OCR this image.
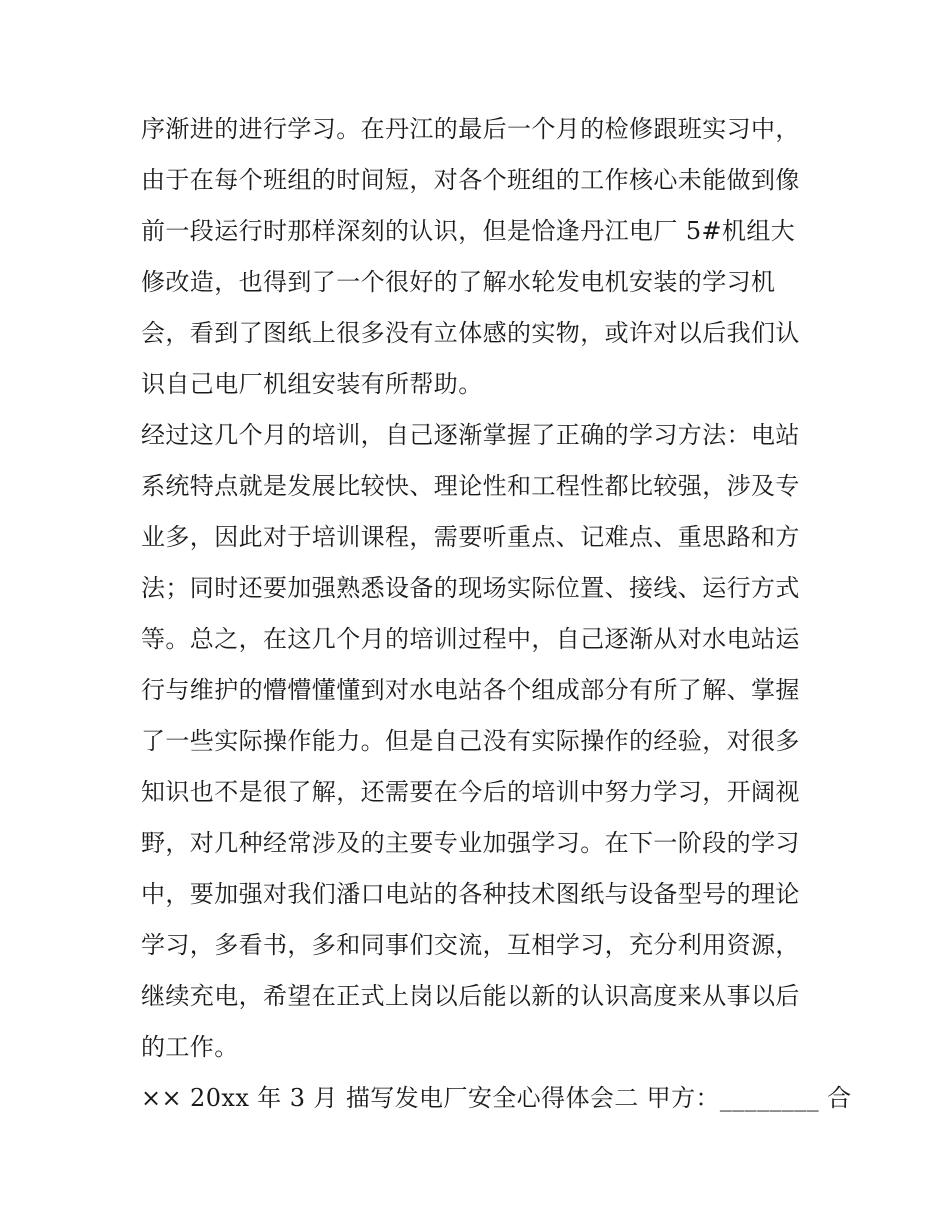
序渐进的进行学习。在丹江的最后一个月的检修跟班实习中，
由于在每个班组的时间短，对各个班组的工作核心未能做到像
前一段运行时那样深刻的认识，但是恰逢丹江电厂 5#机组大
修改造，也得到了一个很好的了解水轮发电机安装的学习机
会，看到了图纸上很多没有立体感的实物，或许对以后我们认
识自己电厂机组安装有所帮助。
经过这几个月的培训，自己逐渐掌握了正确的学习方法：电站
系统特点就是发展比较快、理论性和工程性都比较强，涉及专
业多，因此对于培训课程，需要听重点、记难点、重思路和方
法；同时还要加强熟悉设备的现场实际位置、接线、运行方式
等。总之，在这几个月的培训过程中，自己逐渐从对水电站运
行与维护的懵懵懂懂到对水电站各个组成部分有所了解、掌握
了一些实际操作能力。但是自己没有实际操作的经验，对很多
知识也不是很了解，还需要在今后的培训中努力学习，开阔视
野，对几种经常涉及的主要专业加强学习。在下一阶段的学习
中，要加强对我们潘口电站的各种技术图纸与设备型号的理论
学习，多看书，多和同事们交流，互相学习，充分利用资源，
继续充电，希望在正式上岗以后能以新的认识高度来从事以后
的工作。
×× 20xx 年 3 月 描写发电厂安全心得体会二 甲方：________ 合
